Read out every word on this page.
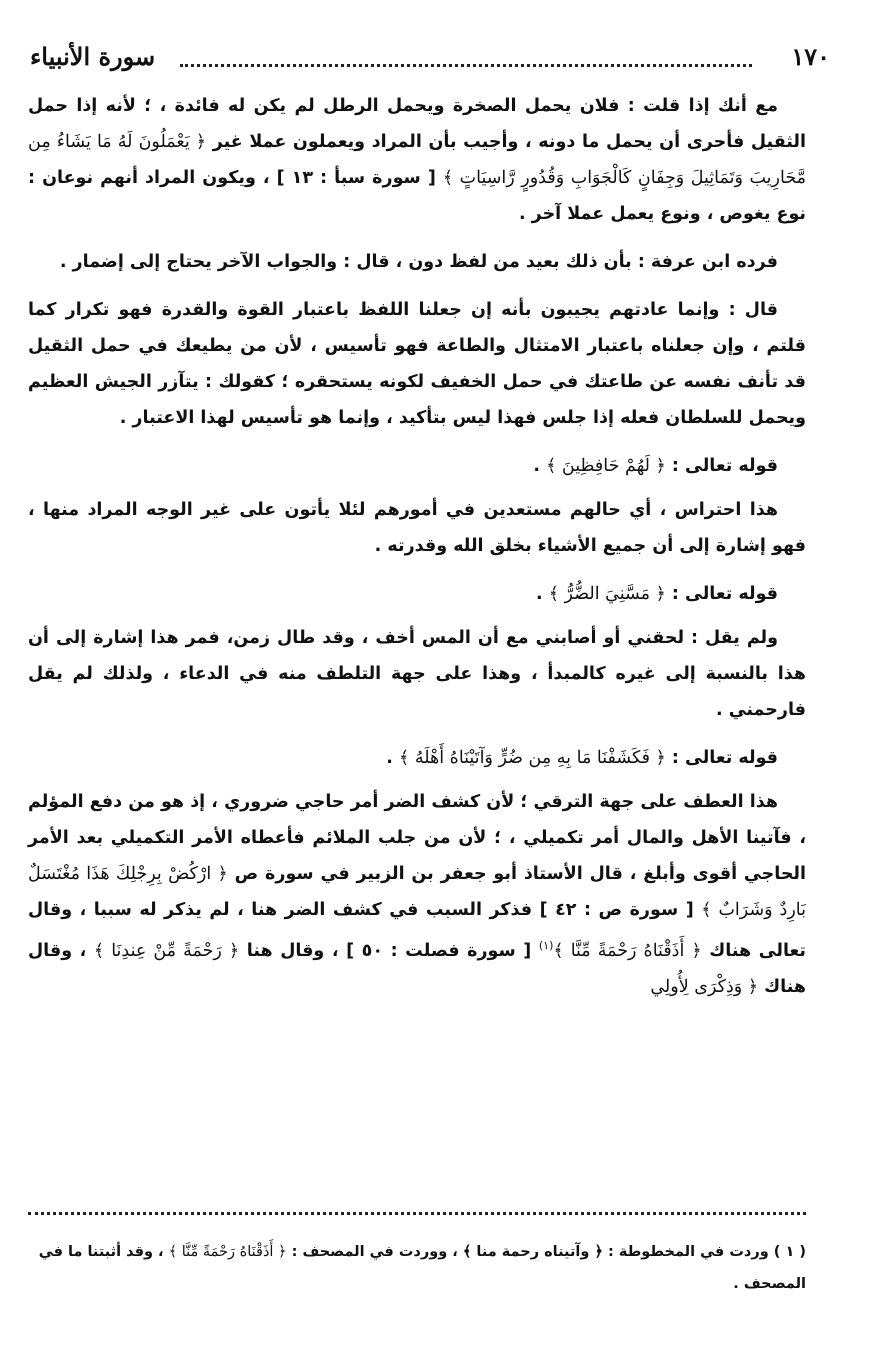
١٧٠
سورة الأنبياء

مع أنك إذا قلت : فلان يحمل الصخرة ويحمل الرطل لم يكن له فائدة ، ؛ لأنه إذا حمل الثقيل فأحرى أن يحمل ما دونه ، وأجيب بأن المراد ويعملون عملا غير ﴿ يَعْمَلُونَ لَهُ مَا يَشَاءُ مِن مَّحَارِيبَ وَتَمَاثِيلَ وَجِفَانٍ كَالْجَوَابِ وَقُدُورٍ رَّاسِيَاتٍ ﴾ [ سورة سبأ : ١٣ ] ، ويكون المراد أنهم نوعان : نوع يغوص ، ونوع يعمل عملا آخر .

فرده ابن عرفة : بأن ذلك بعيد من لفظ دون ، قال : والجواب الآخر يحتاج إلى إضمار .

قال : وإنما عادتهم يجيبون بأنه إن جعلنا اللفظ باعتبار القوة والقدرة فهو تكرار كما قلتم ، وإن جعلناه باعتبار الامتثال والطاعة فهو تأسيس ، لأن من يطيعك في حمل الثقيل قد تأنف نفسه عن طاعتك في حمل الخفيف لكونه يستحقره ؛ كقولك : يتآزر الجيش العظيم ويحمل للسلطان فعله إذا جلس فهذا ليس بتأكيد ، وإنما هو تأسيس لهذا الاعتبار .

قوله تعالى : ﴿ لَهُمْ حَافِظِينَ ﴾ .

هذا احتراس ، أي حالهم مستعدين في أمورهم لئلا يأتون على غير الوجه المراد منها ، فهو إشارة إلى أن جميع الأشياء بخلق الله وقدرته .

قوله تعالى : ﴿ مَسَّنِيَ الضُّرُّ ﴾ .

ولم يقل : لحقني أو أصابني مع أن المس أخف ، وقد طال زمن، فمر هذا إشارة إلى أن هذا بالنسبة إلى غيره كالمبدأ ، وهذا على جهة التلطف منه في الدعاء ، ولذلك لم يقل فارحمني .

قوله تعالى : ﴿ فَكَشَفْنَا مَا بِهِ مِن ضُرٍّ وَآتَيْنَاهُ أَهْلَهُ ﴾ .

هذا العطف على جهة الترقي ؛ لأن كشف الضر أمر حاجي ضروري ، إذ هو من دفع المؤلم ، فآتينا الأهل والمال أمر تكميلي ، ؛ لأن من جلب الملائم فأعطاه الأمر التكميلي بعد الأمر الحاجي أقوى وأبلغ ، قال الأستاذ أبو جعفر بن الزبير في سورة ص ﴿ ارْكُضْ بِرِجْلِكَ هَذَا مُغْتَسَلٌ بَارِدٌ وَشَرَابٌ ﴾ [ سورة ص : ٤٢ ] فذكر السبب في كشف الضر هنا ، لم يذكر له سببا ، وقال تعالى هناك ﴿ أَذَقْنَاهُ رَحْمَةً مِّنَّا ﴾$^{(١)}$ [ سورة فصلت : ٥٠ ] ، وقال هنا ﴿ رَحْمَةً مِّنْ عِندِنَا ﴾ ، وقال هناك ﴿ وَذِكْرَى لِأُولِي

( ١ ) وردت في المخطوطة : ﴿ وآتيناه رحمة منا ﴾ ، ووردت في المصحف : ﴿ أَذَقْنَاهُ رَحْمَةً مِّنَّا ﴾ ، وقد أثبتنا ما في المصحف .
